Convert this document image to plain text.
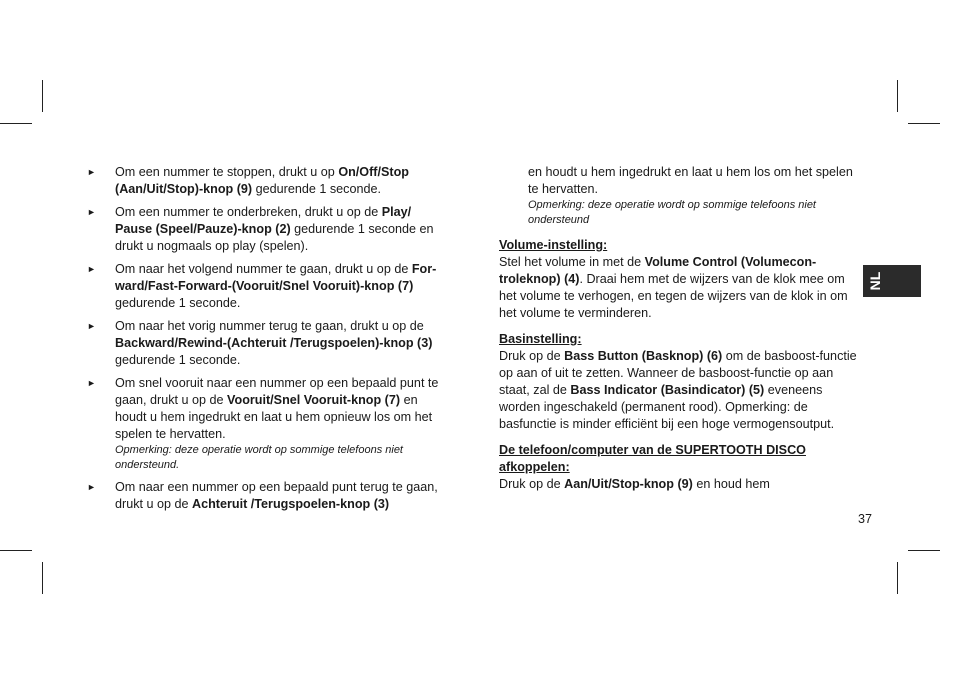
► Om een nummer te stoppen, drukt u op On/Off/Stop (Aan/Uit/Stop)-knop (9) gedurende 1 seconde.

► Om een nummer te onderbreken, drukt u op de Play/ Pause (Speel/Pauze)-knop (2) gedurende 1 seconde en drukt u nogmaals op play (spelen).

► Om naar het volgend nummer te gaan, drukt u op de For-ward/Fast-Forward-(Vooruit/Snel Vooruit)-knop (7) gedurende 1 seconde.

► Om naar het vorig nummer terug te gaan, drukt u op de Backward/Rewind-(Achteruit /Terugspoelen)-knop (3) gedurende 1 seconde.

► Om snel vooruit naar een nummer op een bepaald punt te gaan, drukt u op de Vooruit/Snel Vooruit-knop (7) en houdt u hem ingedrukt en laat u hem opnieuw los om het spelen te hervatten.

Opmerking: deze operatie wordt op sommige telefoons niet ondersteund.

► Om naar een nummer op een bepaald punt terug te gaan, drukt u op de Achteruit /Terugspoelen-knop (3)

en houdt u hem ingedrukt en laat u hem los om het spelen te hervatten.

Opmerking: deze operatie wordt op sommige telefoons niet ondersteund

Volume-instelling:

Stel het volume in met de Volume Control (Volumecon-troleknop) (4). Draai hem met de wijzers van de klok mee om het volume te verhogen, en tegen de wijzers van de klok in om het volume te verminderen.

Basinstelling:

Druk op de Bass Button (Basknop) (6) om de basboost-functie op aan of uit te zetten. Wanneer de basboost-functie op aan staat, zal de Bass Indicator (Basindicator) (5) eveneens worden ingeschakeld (permanent rood). Opmerking: de basfunctie is minder efficiënt bij een hoge vermogensoutput.

De telefoon/computer van de SUPERTOOTH DISCO afkoppelen:

Druk op de Aan/Uit/Stop-knop (9) en houd hem

NL
37
